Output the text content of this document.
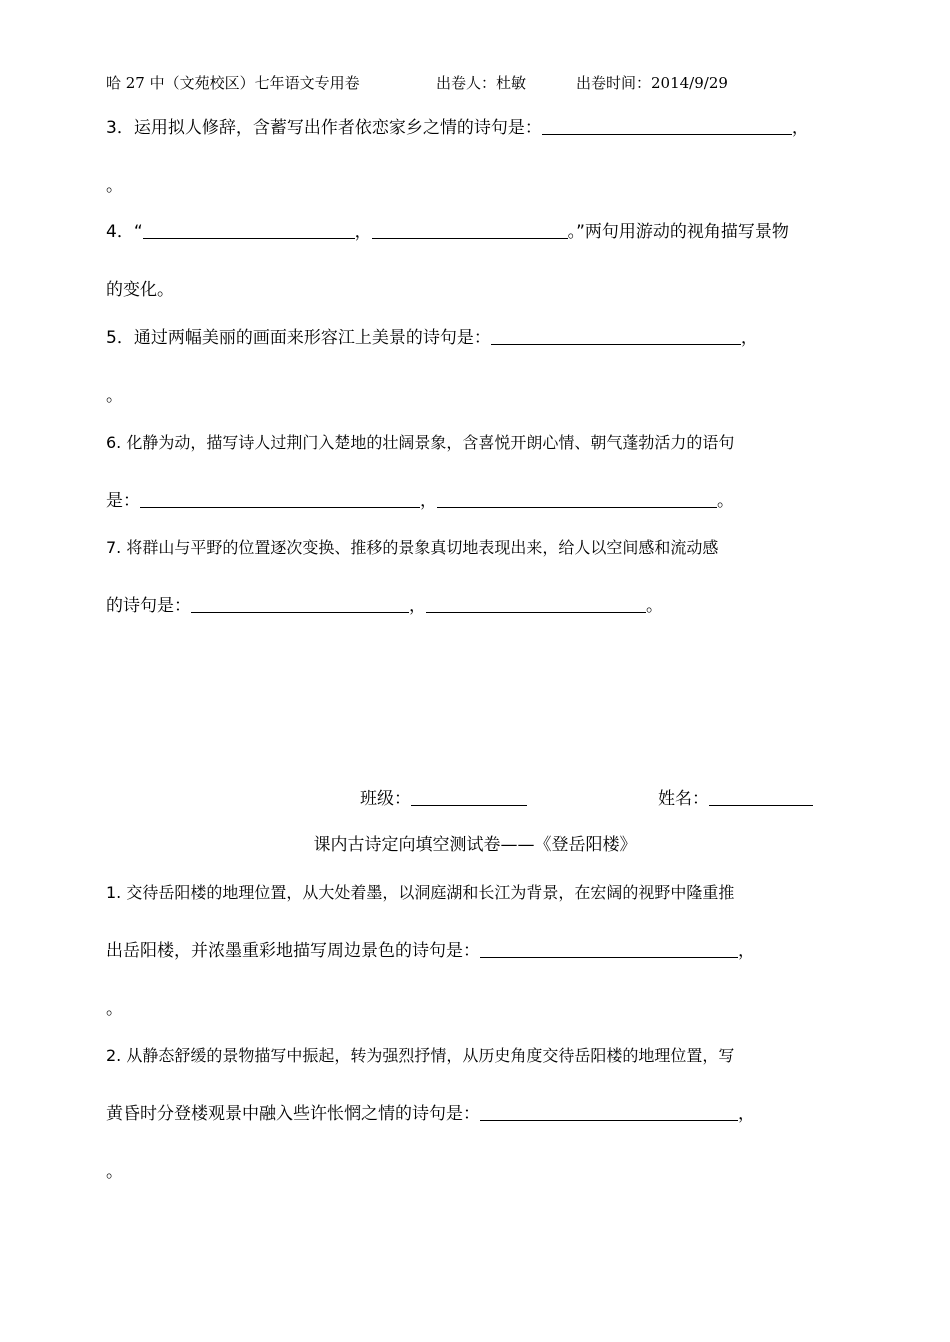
哈 27 中（文苑校区）七年语文专用卷	出卷人：杜敏	出卷时间：2014/9/29
3．运用拟人修辞，含蓄写出作者依恋家乡之情的诗句是：	，
。
4．“	，	。”两句用游动的视角描写景物
的变化。
5．通过两幅美丽的画面来形容江上美景的诗句是：	，
。
6. 化静为动，描写诗人过荆门入楚地的壮阔景象，含喜悦开朗心情、朝气蓬勃活力的语句
是：	，	。
7. 将群山与平野的位置逐次变换、推移的景象真切地表现出来，给人以空间感和流动感
的诗句是：	，	。
班级：	姓名：
课内古诗定向填空测试卷——《登岳阳楼》
1. 交待岳阳楼的地理位置，从大处着墨，以洞庭湖和长江为背景，在宏阔的视野中隆重推
出岳阳楼，并浓墨重彩地描写周边景色的诗句是：	，
。
2. 从静态舒缓的景物描写中振起，转为强烈抒情，从历史角度交待岳阳楼的地理位置，写
黄昏时分登楼观景中融入些许怅惘之情的诗句是：	，
。
